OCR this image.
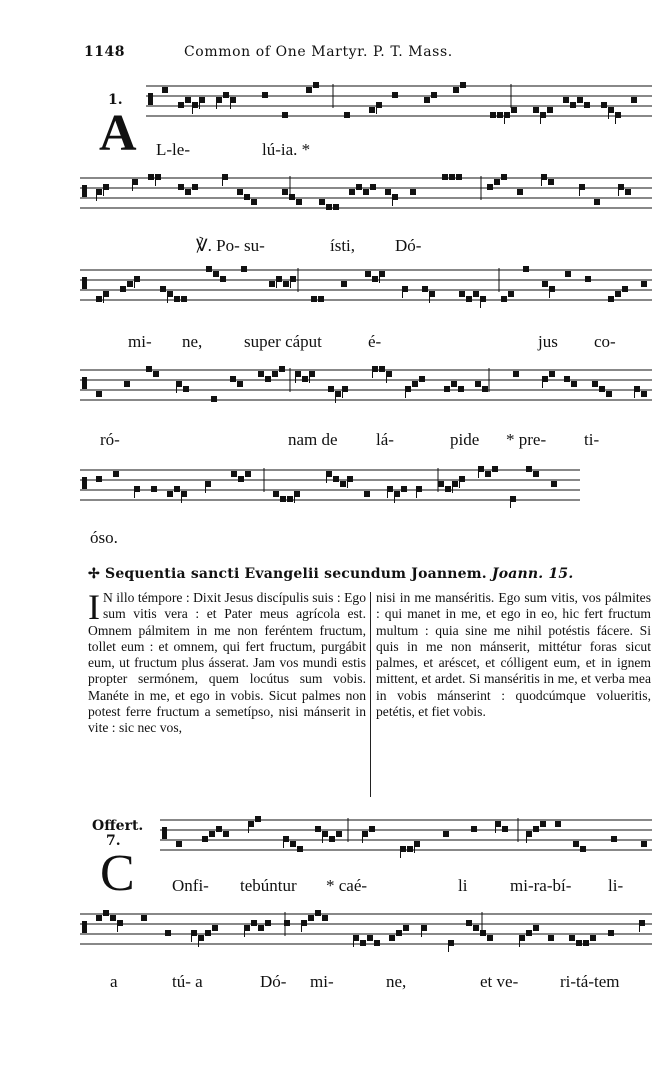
1148	Common of One Martyr. P. T. Mass.
1.
A L-le-	lú-ia. *
℣. Po- su-	ísti, Dó-
mi- ne, super cáput	é-	jus co-
ró-	nam de lá-	pide * pre- ti-
óso.
✢ Sequentia sancti Evangelii secundum Joannem. Joann. 15.
I N illo témpore : Dixit Jesus discípulis suis : Ego sum vitis vera : et Pater meus agrícola est. Omnem pálmitem in me non feréntem fructum, tollet eum : et omnem, qui fert fructum, purgábit eum, ut fructum plus ásserat. Jam vos mundi estis propter sermónem, quem locútus sum vobis. Manéte in me, et ego in vobis. Sicut palmes non potest ferre fructum a semetípso, nisi mánserit in vite : sic nec vos,
nisi in me manséritis. Ego sum vitis, vos pálmites : qui manet in me, et ego in eo, hic fert fructum multum : quia sine me nihil potéstis fácere. Si quis in me non mánserit, mittétur foras sicut palmes, et aréscet, et cólligent eum, et in ignem mittent, et ardet. Si manséritis in me, et verba mea in vobis mánserint : quodcúmque volueritis, petétis, et fiet vobis.
Offert.
7.
C Onfi- tebúntur * caé-	li	mi-ra-bí- li-
a	tú- a	Dó- mi-	ne,	et ve- ri-tá-tem
